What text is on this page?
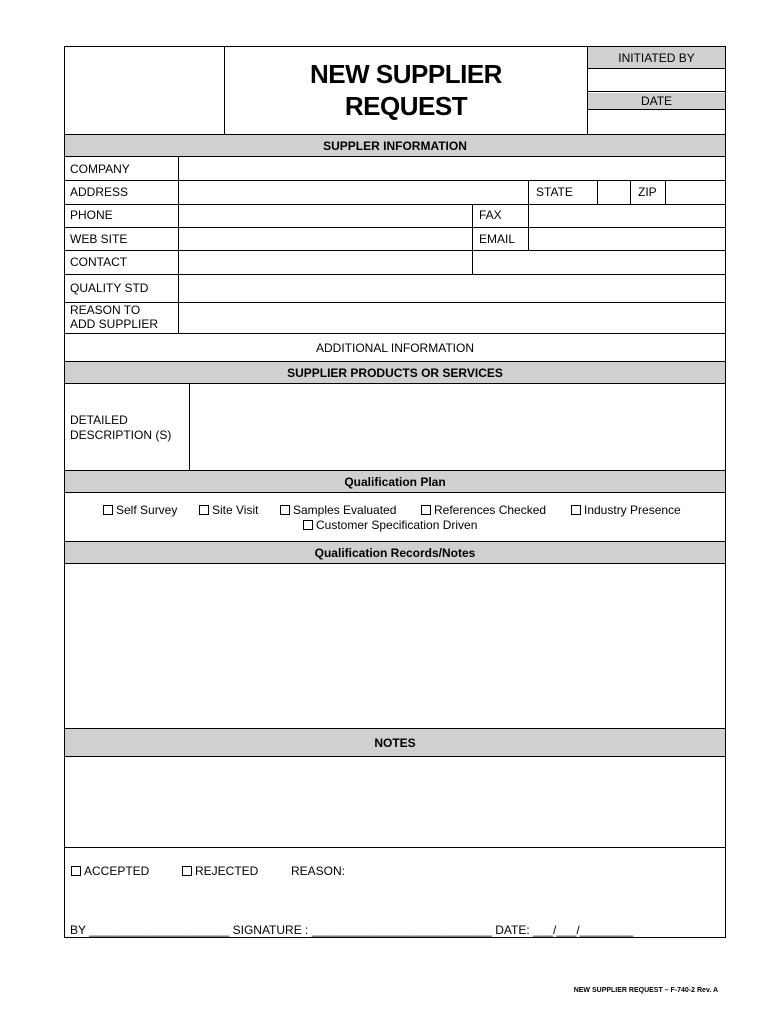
NEW SUPPLIER
REQUEST
INITIATED BY
DATE
SUPPLER INFORMATION
COMPANY
ADDRESS	STATE	ZIP
PHONE	FAX
WEB SITE	EMAIL
CONTACT
QUALITY STD
REASON TO
ADD SUPPLIER
ADDITIONAL INFORMATION
SUPPLIER PRODUCTS OR SERVICES
DETAILED
DESCRIPTION (S)
Qualification Plan
Self Survey	Site Visit	Samples Evaluated	References Checked	Industry Presence
Customer Specification Driven
Qualification Records/Notes
NOTES
ACCEPTED	REJECTED	REASON:
BY _____________________ SIGNATURE : ___________________________ DATE: ___/___/________
NEW SUPPLIER REQUEST – F-740-2 Rev. A
